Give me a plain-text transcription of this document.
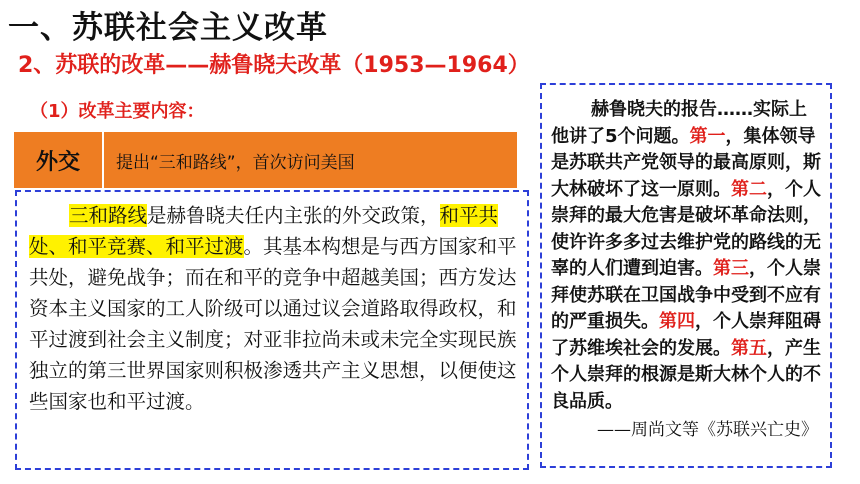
一、苏联社会主义改革
2、苏联的改革——赫鲁晓夫改革（1953—1964）
（1）改革主要内容：
外交	提出“三和路线”，首次访问美国
三和路线是赫鲁晓夫任内主张的外交政策，和平共处、和平竞赛、和平过渡。其基本构想是与西方国家和平共处，避免战争；而在和平的竞争中超越美国；西方发达资本主义国家的工人阶级可以通过议会道路取得政权，和平过渡到社会主义制度；对亚非拉尚未或未完全实现民族独立的第三世界国家则积极渗透共产主义思想，以便使这些国家也和平过渡。
赫鲁晓夫的报告……实际上他讲了5个问题。第一，集体领导是苏联共产党领导的最高原则，斯大林破坏了这一原则。第二，个人崇拜的最大危害是破坏革命法则，使许许多多过去维护党的路线的无辜的人们遭到迫害。第三，个人崇拜使苏联在卫国战争中受到不应有的严重损失。第四，个人崇拜阻碍了苏维埃社会的发展。第五，产生个人崇拜的根源是斯大林个人的不良品质。
——周尚文等《苏联兴亡史》
